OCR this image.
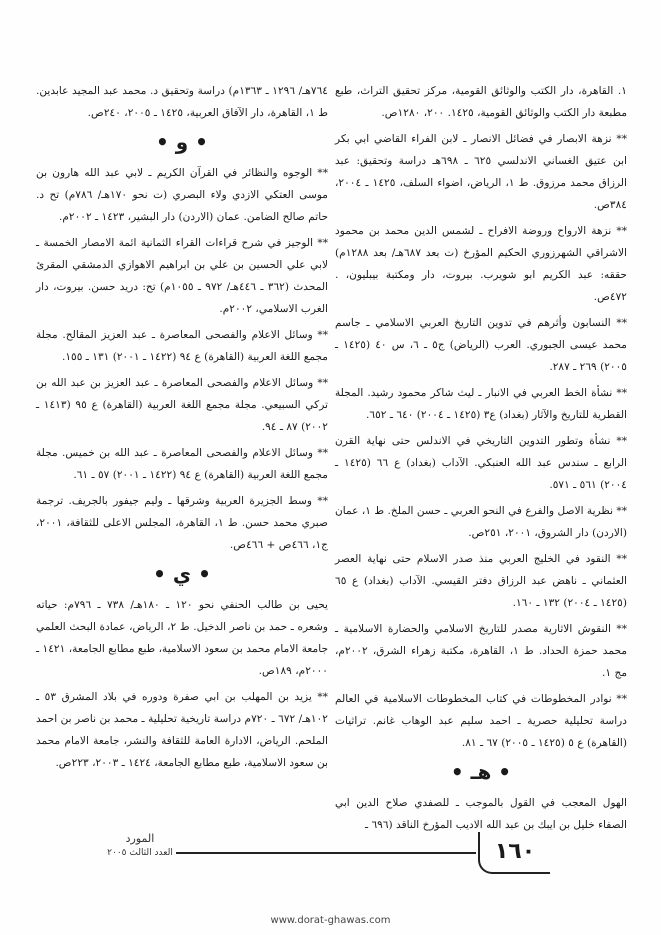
١. القاهرة، دار الكتب والوثائق القومية، مركز تحقيق التراث، طبع مطبعة دار الكتب والوثائق القومية، ١٤٢٥. ٢٠٠، ١٢٨٠ص.
** نزهة الابصار في فضائل الانصار ـ لابن الفراء القاضي ابي بكر ابن عتيق الغساني الاندلسي ٦٢٥ ـ ٦٩٨هـ دراسة وتحقيق: عبد الرزاق محمد مرزوق. ط ١، الرياض، اضواء السلف، ١٤٢٥ ـ ٢٠٠٤، ٣٨٤ص.
** نزهة الارواح وروضة الافراح ـ لشمس الدين محمد بن محمود الاشراقي الشهرزوري الحكيم المؤرخ (ت بعد ٦٨٧هـ/ بعد ١٢٨٨م) حققه: عبد الكريم ابو شويرب. بيروت، دار ومكتبة بيبليون، . ٤٧٢ص.
** النسابون وأثرهم في تدوين التاريخ العربي الاسلامي ـ جاسم محمد عيسى الجبوري. العرب (الرياض) ج٥ ـ ٦، س ٤٠ (١٤٢٥ ـ ٢٠٠٥) ٢٦٩ ـ ٢٨٧.
** نشأة الخط العربي في الانبار ـ ليث شاكر محمود رشيد. المجلة القطرية للتاريخ والآثار (بغداد) ع٣ (١٤٢٥ ـ ٢٠٠٤) ٦٤٠ ـ ٦٥٢.
** نشأة وتطور التدوين التاريخي في الاندلس حتى نهاية القرن الرابع ـ سندس عبد الله العنبكي. الآداب (بغداد) ع ٦٦ (١٤٢٥ ـ ٢٠٠٤) ٥٦١ ـ ٥٧١.
** نظرية الاصل والفرع في النحو العربي ـ حسن الملخ. ط ١، عمان (الاردن) دار الشروق، ٢٠٠١، ٢٥١ص.
** النقود في الخليج العربي منذ صدر الاسلام حتى نهاية العصر العثماني ـ ناهض عبد الرزاق دفتر القيسي. الآداب (بغداد) ع ٦٥ (١٤٢٥ ـ ٢٠٠٤) ١٣٢ ـ ١٦٠.
** النقوش الاثارية مصدر للتاريخ الاسلامي والحضارة الاسلامية ـ محمد حمزة الحداد. ط ١، القاهرة، مكتبة زهراء الشرق، ٢٠٠٢م، مج ١.
** نوادر المخطوطات في كتاب المخطوطات الاسلامية في العالم دراسة تحليلية حصرية ـ احمد سليم عبد الوهاب غانم. تراثيات (القاهرة) ع ٥ (١٤٢٥ ـ ٢٠٠٥) ٦٧ ـ ٨١.
• هـ •
الهول المعجب في القول بالموجب ـ للصفدي صلاح الدين ابي الصفاء خليل بن ايبك بن عبد الله الاديب المؤرخ الناقد (٦٩٦ ـ
٧٦٤هـ/ ١٢٩٦ ـ ١٣٦٣م) دراسة وتحقيق د. محمد عبد المجيد عابدين. ط ١، القاهرة، دار الآفاق العربية، ١٤٢٥ ـ ٢٠٠٥، ٢٤٠ص.
• و •
** الوجوه والنظائر في القرآن الكريم ـ لابي عبد الله هارون بن موسى العتكي الازدي ولاء البصري (ت نحو ١٧٠هـ/ ٧٨٦م) تح د. حاتم صالح الضامن. عمان (الاردن) دار البشير، ١٤٢٣ ـ ٢٠٠٢م.
** الوجيز في شرح قراءات القراء الثمانية ائمة الامصار الخمسة ـ لابي علي الحسين بن علي بن ابراهيم الاهوازي الدمشقي المقرئ المحدث (٣٦٢ ـ ٤٤٦هـ/ ٩٧٢ ـ ١٠٥٥م) تح: دريد حسن. بيروت، دار الغرب الاسلامي، ٢٠٠٢م.
** وسائل الاعلام والفصحى المعاصرة ـ عبد العزيز المقالح. مجلة مجمع اللغة العربية (القاهرة) ع ٩٤ (١٤٢٢ ـ ٢٠٠١) ١٣١ ـ ١٥٥.
** وسائل الاعلام والفصحى المعاصرة ـ عبد العزيز بن عبد الله بن تركي السبيعي. مجلة مجمع اللغة العربية (القاهرة) ع ٩٥ (١٤١٣ ـ ٢٠٠٢) ٨٧ ـ ٩٤.
** وسائل الاعلام والفصحى المعاصرة ـ عبد الله بن خميس. مجلة مجمع اللغة العربية (القاهرة) ع ٩٤ (١٤٢٢ ـ ٢٠٠١) ٥٧ ـ ٦١.
** وسط الجزيرة العربية وشرقها ـ وليم جيفور بالجريف. ترجمة صبري محمد حسن. ط ١، القاهرة، المجلس الاعلى للثقافة، ٢٠٠١، ج١، ٤٦٦ص + ٤٦٦ص.
• ي •
يحيى بن طالب الحنفي نحو ١٢٠ ـ ١٨٠هـ/ ٧٣٨ ـ ٧٩٦م: حياته وشعره ـ حمد بن ناصر الدخيل. ط ٢، الرياض، عمادة البحث العلمي جامعة الامام محمد بن سعود الاسلامية، طبع مطابع الجامعة، ١٤٢١ ـ ٢٠٠٠م، ١٨٩ص.
** يزيد بن المهلب بن ابي صفرة ودوره في بلاد المشرق ٥٣ ـ ١٠٢هـ/ ٦٧٢ ـ ٧٢٠م دراسة تاريخية تحليلية ـ محمد بن ناصر بن احمد الملحم. الرياض، الادارة العامة للثقافة والنشر، جامعة الامام محمد بن سعود الاسلامية، طبع مطابع الجامعة، ١٤٢٤ ـ ٢٠٠٣، ٢٢٣ص.
١٦٠
المورد
العدد الثالث ٢٠٠٥
www.dorat-ghawas.com
